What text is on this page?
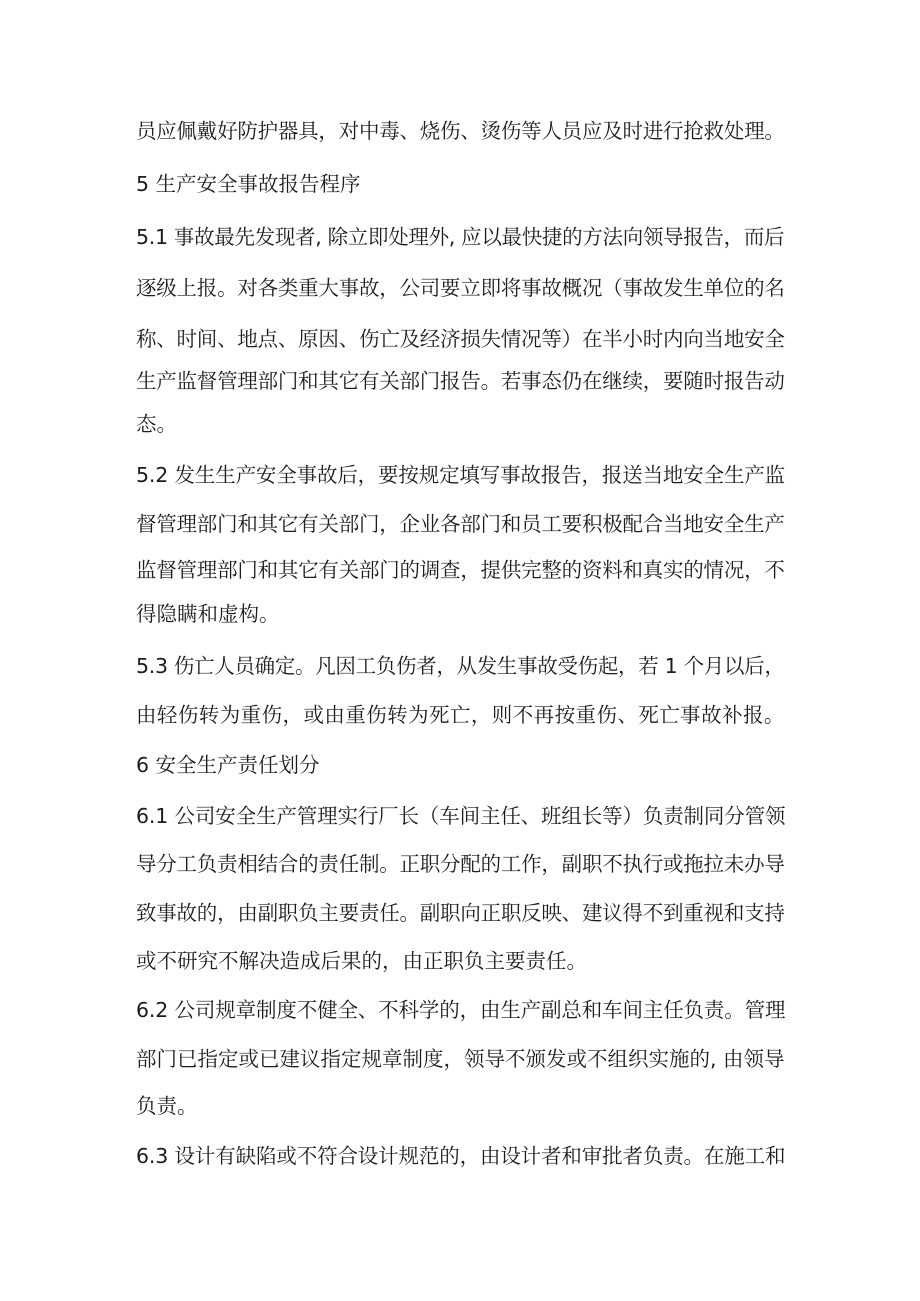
员应佩戴好防护器具，对中毒、烧伤、烫伤等人员应及时进行抢救处理。

5 生产安全事故报告程序

5.1 事故最先发现者, 除立即处理外, 应以最快捷的方法向领导报告，而后

逐级上报。对各类重大事故，公司要立即将事故概况（事故发生单位的名

称、时间、地点、原因、伤亡及经济损失情况等）在半小时内向当地安全

生产监督管理部门和其它有关部门报告。若事态仍在继续，要随时报告动

态。

5.2 发生生产安全事故后，要按规定填写事故报告，报送当地安全生产监

督管理部门和其它有关部门，企业各部门和员工要积极配合当地安全生产

监督管理部门和其它有关部门的调查，提供完整的资料和真实的情况，不

得隐瞒和虚构。

5.3 伤亡人员确定。凡因工负伤者，从发生事故受伤起，若 1 个月以后，

由轻伤转为重伤，或由重伤转为死亡，则不再按重伤、死亡事故补报。

6 安全生产责任划分

6.1 公司安全生产管理实行厂长（车间主任、班组长等）负责制同分管领

导分工负责相结合的责任制。正职分配的工作，副职不执行或拖拉未办导

致事故的，由副职负主要责任。副职向正职反映、建议得不到重视和支持

或不研究不解决造成后果的，由正职负主要责任。

6.2 公司规章制度不健全、不科学的，由生产副总和车间主任负责。管理

部门已指定或已建议指定规章制度，领导不颁发或不组织实施的, 由领导

负责。

6.3 设计有缺陷或不符合设计规范的，由设计者和审批者负责。在施工和
